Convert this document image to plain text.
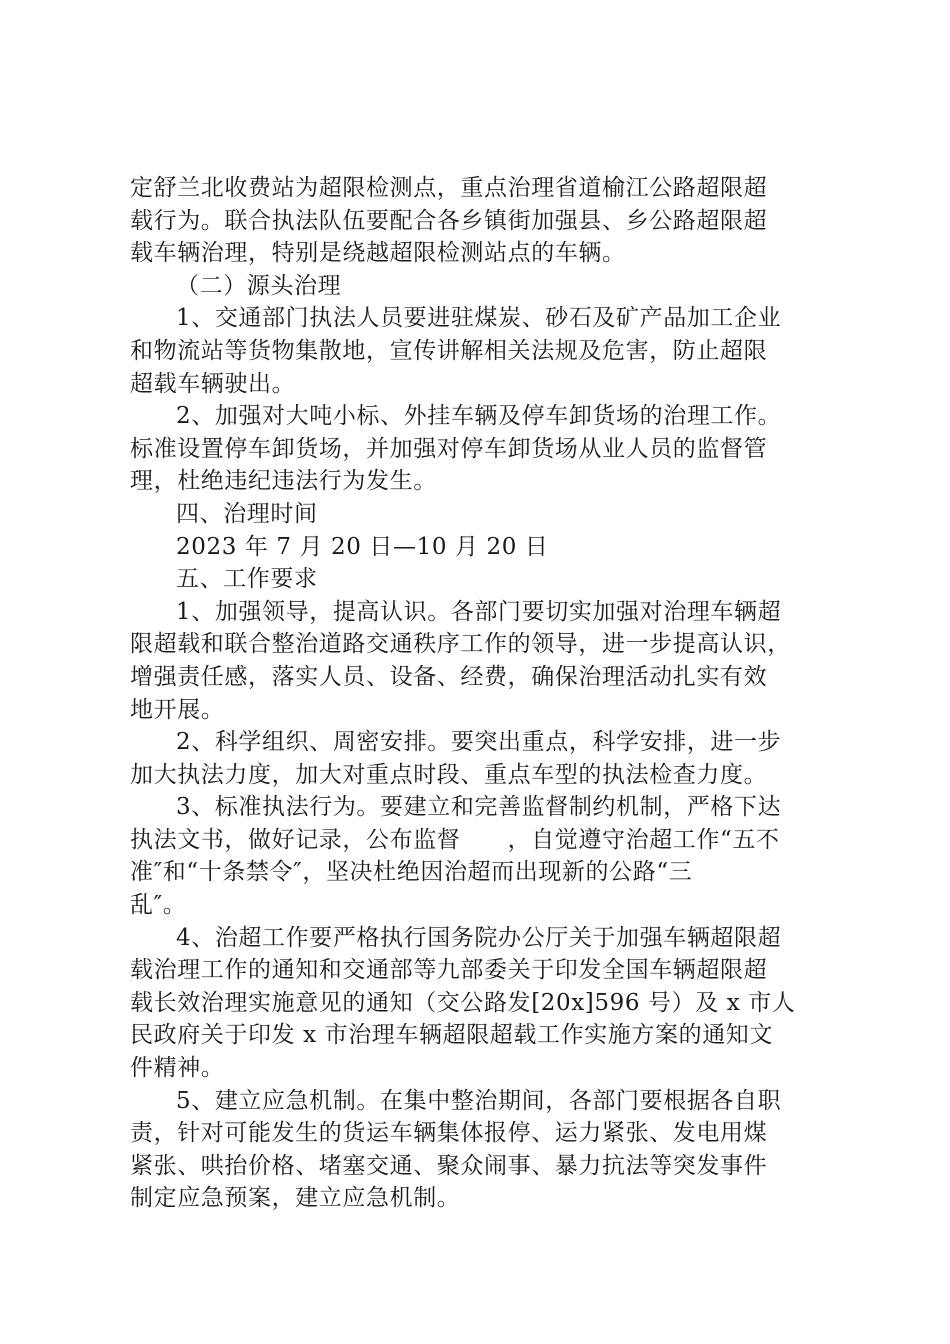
定舒兰北收费站为超限检测点，重点治理省道榆江公路超限超
载行为。联合执法队伍要配合各乡镇街加强县、乡公路超限超
载车辆治理，特别是绕越超限检测站点的车辆。

（二）源头治理

1、交通部门执法人员要进驻煤炭、砂石及矿产品加工企业
和物流站等货物集散地，宣传讲解相关法规及危害，防止超限
超载车辆驶出。

2、加强对大吨小标、外挂车辆及停车卸货场的治理工作。
标准设置停车卸货场，并加强对停车卸货场从业人员的监督管
理，杜绝违纪违法行为发生。

四、治理时间

2023 年 7 月 20 日—10 月 20 日

五、工作要求

1、加强领导，提高认识。各部门要切实加强对治理车辆超
限超载和联合整治道路交通秩序工作的领导，进一步提高认识，
增强责任感，落实人员、设备、经费，确保治理活动扎实有效
地开展。

2、科学组织、周密安排。要突出重点，科学安排，进一步
加大执法力度，加大对重点时段、重点车型的执法检查力度。

3、标准执法行为。要建立和完善监督制约机制，严格下达
执法文书，做好记录，公布监督　　，自觉遵守治超工作“五不
准″和“十条禁令″，坚决杜绝因治超而出现新的公路“三
乱″。

4、治超工作要严格执行国务院办公厅关于加强车辆超限超
载治理工作的通知和交通部等九部委关于印发全国车辆超限超
载长效治理实施意见的通知（交公路发[20x]596 号）及 x 市人
民政府关于印发 x 市治理车辆超限超载工作实施方案的通知文
件精神。

5、建立应急机制。在集中整治期间，各部门要根据各自职
责，针对可能发生的货运车辆集体报停、运力紧张、发电用煤
紧张、哄抬价格、堵塞交通、聚众闹事、暴力抗法等突发事件
制定应急预案，建立应急机制。
